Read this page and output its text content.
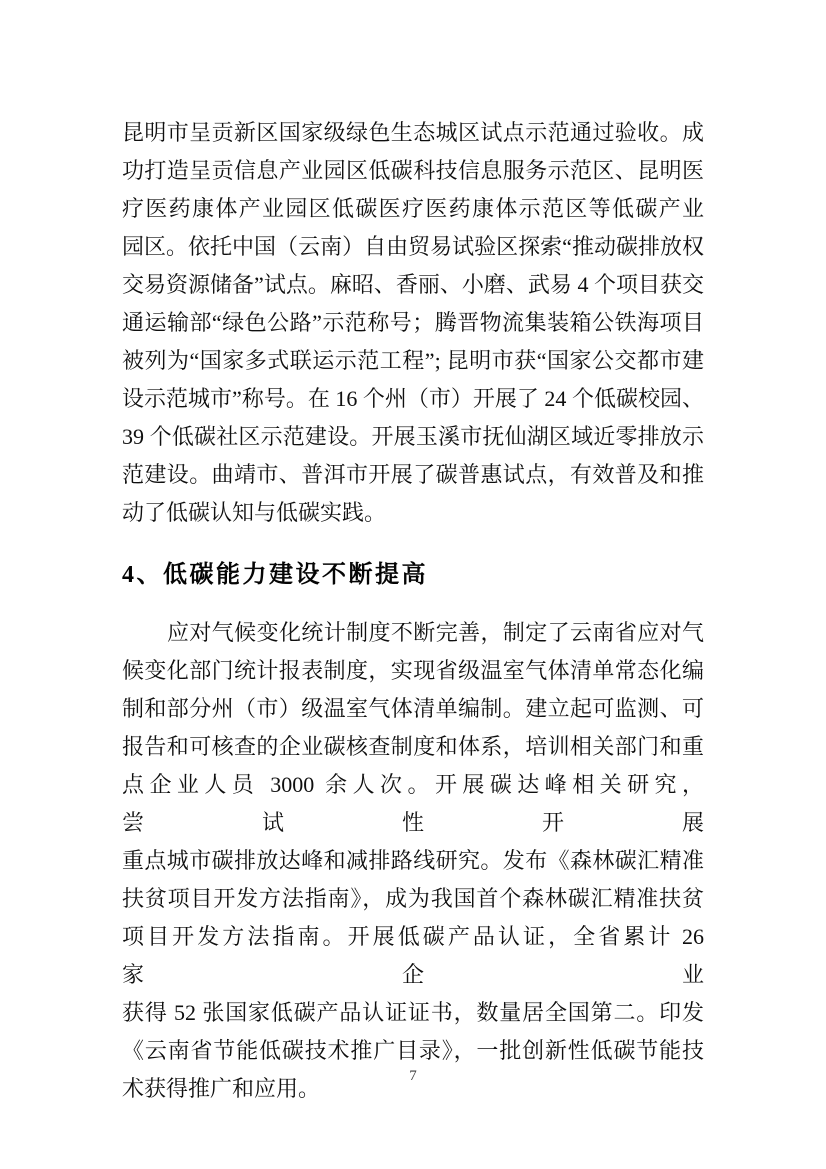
昆明市呈贡新区国家级绿色生态城区试点示范通过验收。成
功打造呈贡信息产业园区低碳科技信息服务示范区、昆明医
疗医药康体产业园区低碳医疗医药康体示范区等低碳产业
园区。依托中国（云南）自由贸易试验区探索“推动碳排放权
交易资源储备”试点。麻昭、香丽、小磨、武易 4 个项目获交
通运输部“绿色公路”示范称号；腾晋物流集装箱公铁海项目
被列为“国家多式联运示范工程”; 昆明市获“国家公交都市建
设示范城市”称号。在 16 个州（市）开展了 24 个低碳校园、
39 个低碳社区示范建设。开展玉溪市抚仙湖区域近零排放示
范建设。曲靖市、普洱市开展了碳普惠试点，有效普及和推
动了低碳认知与低碳实践。
4、低碳能力建设不断提高
应对气候变化统计制度不断完善，制定了云南省应对气
候变化部门统计报表制度，实现省级温室气体清单常态化编
制和部分州（市）级温室气体清单编制。建立起可监测、可
报告和可核查的企业碳核查制度和体系，培训相关部门和重
点企业人员 3000 余人次。开展碳达峰相关研究，尝试性开展
重点城市碳排放达峰和减排路线研究。发布《森林碳汇精准
扶贫项目开发方法指南》，成为我国首个森林碳汇精准扶贫
项目开发方法指南。开展低碳产品认证，全省累计 26 家企业
获得 52 张国家低碳产品认证证书，数量居全国第二。印发
《云南省节能低碳技术推广目录》，一批创新性低碳节能技
术获得推广和应用。	7
